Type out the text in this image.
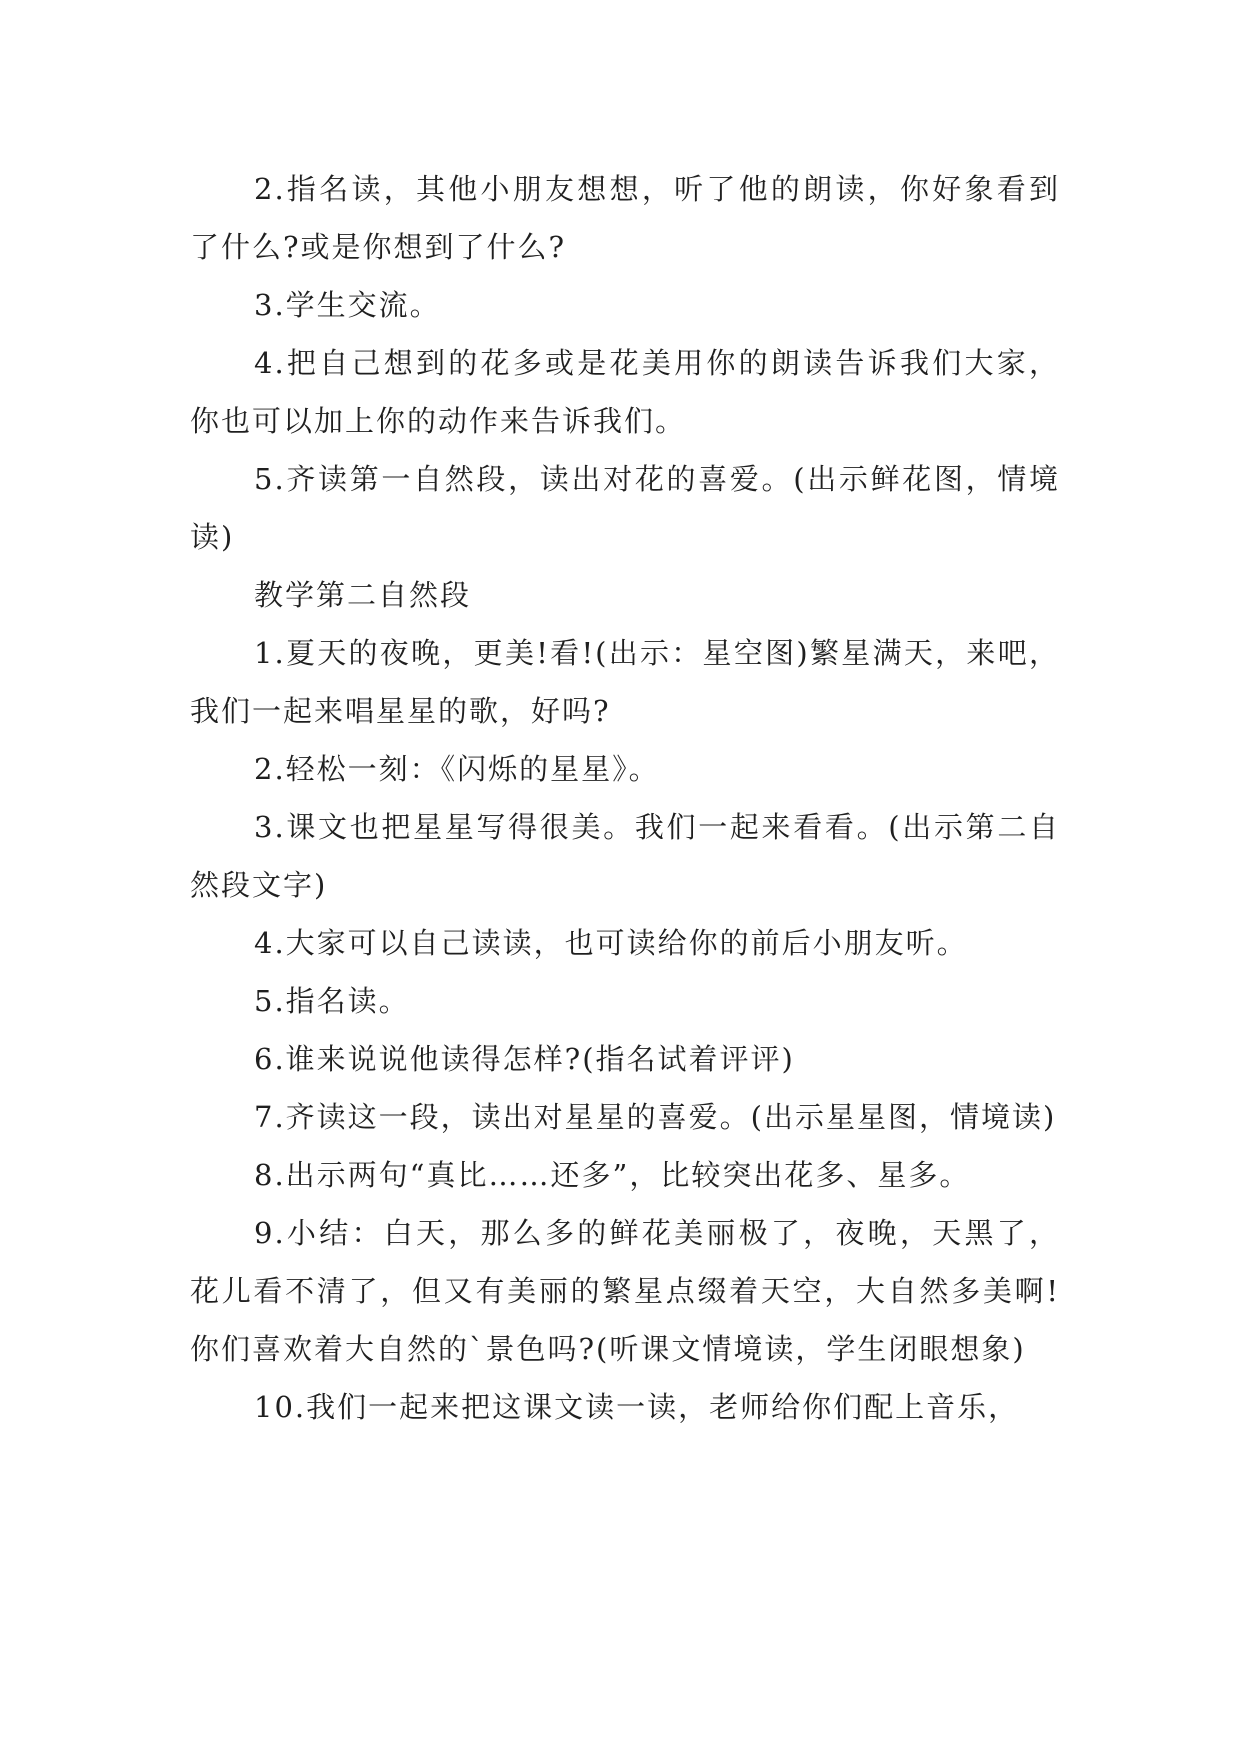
2.指名读，其他小朋友想想，听了他的朗读，你好象看到了什么?或是你想到了什么?

3.学生交流。

4.把自己想到的花多或是花美用你的朗读告诉我们大家，你也可以加上你的动作来告诉我们。

5.齐读第一自然段，读出对花的喜爱。(出示鲜花图，情境读)

教学第二自然段

1.夏天的夜晚，更美!看!(出示：星空图)繁星满天，来吧，我们一起来唱星星的歌，好吗?

2.轻松一刻：《闪烁的星星》。

3.课文也把星星写得很美。我们一起来看看。(出示第二自然段文字)

4.大家可以自己读读，也可读给你的前后小朋友听。

5.指名读。

6.谁来说说他读得怎样?(指名试着评评)

7.齐读这一段，读出对星星的喜爱。(出示星星图，情境读)

8.出示两句“真比……还多”，比较突出花多、星多。

9.小结：白天，那么多的鲜花美丽极了，夜晚，天黑了，花儿看不清了，但又有美丽的繁星点缀着天空，大自然多美啊!你们喜欢着大自然的`景色吗?(听课文情境读，学生闭眼想象)

10.我们一起来把这课文读一读，老师给你们配上音乐，
